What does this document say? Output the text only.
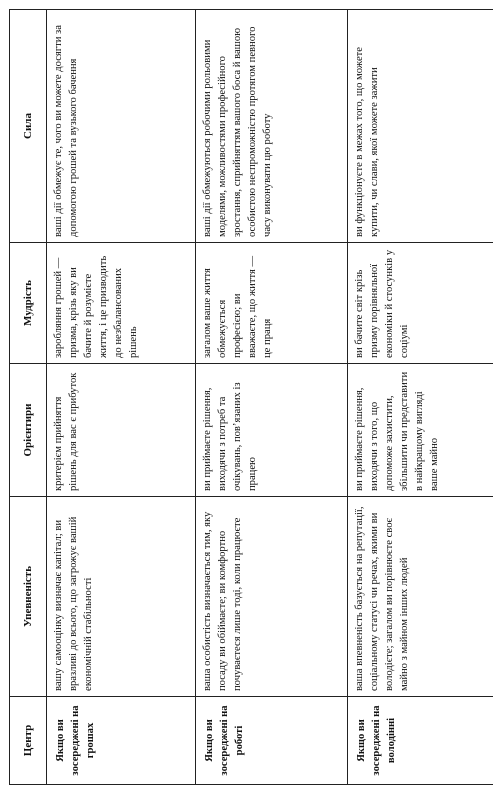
Центр	Упевненість	Орієнтири	Мудрість	Сила
Якщо ви зосереджені на грошах	вашу самооцінку визначає капітал; ви вразливі до всього, що загрожує вашій економічній стабільності	критерієм прийняття рішень для вас є прибуток	заробляння грошей — призма, крізь яку ви бачите й розумієте життя, і це призводить до незбалансованих рішень	ваші дії обмежує те, чого ви можете досягти за допомогою грошей та вузького бачення
Якщо ви зосереджені на роботі	ваша особистість визначається тим, яку посаду ви обіймаєте; ви комфортно почуваєтеся лише тоді, коли працюєте	ви приймаєте рішення, виходячи з потреб та очікувань, пов’язаних із працею	загалом ваше життя обмежується професією; ви вважаєте, що життя — це праця	ваші дії обмежуються робочими рольовими моделями, можливостями професійного зростання, сприйняттям вашого боса й вашою особистою неспроможністю протягом певного часу виконувати цю роботу
Якщо ви зосереджені на володінні	ваша впевненість базується на репутації, соціальному статусі чи речах, якими ви володієте; загалом ви порівнюєте своє майно з майном інших людей	ви приймаєте рішення, виходячи з того, що допоможе захистити, збільшити чи представити в найкращому вигляді ваше майно	ви бачите світ крізь призму порівняльної економіки й стосунків у соціумі	ви функціонуєте в межах того, що можете купити, чи слави, якої можете зажити
